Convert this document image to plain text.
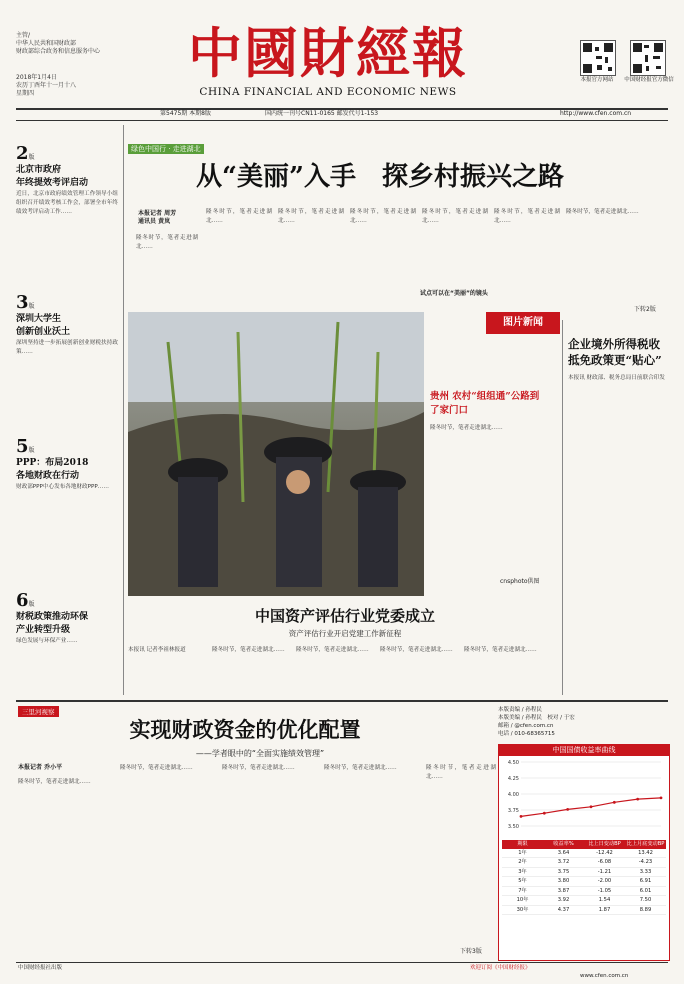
主管/
中华人民共和国财政部
财政部综合政务和信息服务中心
2018年1月4日
农历丁酉年十一月十八
星期四
中國財經報
CHINA FINANCIAL AND ECONOMIC NEWS
本报官方网站	中国财经报官方微信
第5475期 本期8版	国内统一刊号CN11-0165 邮发代号1-153	http://www.cfen.com.cn
2版
北京市政府
年终提效考评启动
近日，北京市政府绩效管理工作领导小组组织召开绩效考核工作会，部署全市年终绩效考评启动工作……
3版
深圳大学生
创新创业沃土
深圳坚持进一步拓展创新创业财税扶持政策……
5版
PPP：布局2018
各地财政在行动
财政部PPP中心发布各地财政PPP……
6版
财税政策推动环保
产业转型升级
绿色发展与环保产业……
绿色中国行 · 走进湖北
从“美丽”入手　探乡村振兴之路
本报记者 周芳
通讯员 黄岚
隆冬时节，笔者走进湖北……
隆冬时节，笔者走进湖北……
隆冬时节，笔者走进湖北……
隆冬时节，笔者走进湖北……
隆冬时节，笔者走进湖北……
试点可以在“美丽”的镜头
隆冬时节，笔者走进湖北……
隆冬时节，笔者走进湖北……
下转2版
图片新闻
贵州 农村“组组通”公路到了家门口
隆冬时节，笔者走进湖北……
cnsphoto供图
中国资产评估行业党委成立
资产评估行业开启党建工作新征程
本报讯 记者李祖林报道	隆冬时节，笔者走进湖北……	隆冬时节，笔者走进湖北……	隆冬时节，笔者走进湖北……	隆冬时节，笔者走进湖北……
企业境外所得税收
抵免政策更“贴心”
本报讯 财政部、税务总局日前联合印发
三里河视察
实现财政资金的优化配置
——学者眼中的“全面实施绩效管理”
本报记者 乔小平
隆冬时节，笔者走进湖北……
隆冬时节，笔者走进湖北……	隆冬时节，笔者走进湖北……	隆冬时节，笔者走进湖北……	隆冬时节，笔者走进湖北……
下转3版
本版责编 / 孙程民
本版美编 / 孙程民　校对 / 于宏
邮箱 / @cfen.com.cn
电话 / 010-68365715
中国国债收益率曲线
4.50
4.25
4.00
3.75
3.50
期限	收益率%	比上日变动BP	比上月底变动BP
1年	3.64	-12.42	13.42
2年	3.72	-6.08	-4.23
3年	3.75	-1.21	3.33
5年	3.80	-2.00	6.91
7年	3.87	-1.05	6.01
10年	3.92	1.54	7.50
30年	4.37	1.87	8.89
中国财经报社出版	欢迎订阅《中国财经报》
www.cfen.com.cn
